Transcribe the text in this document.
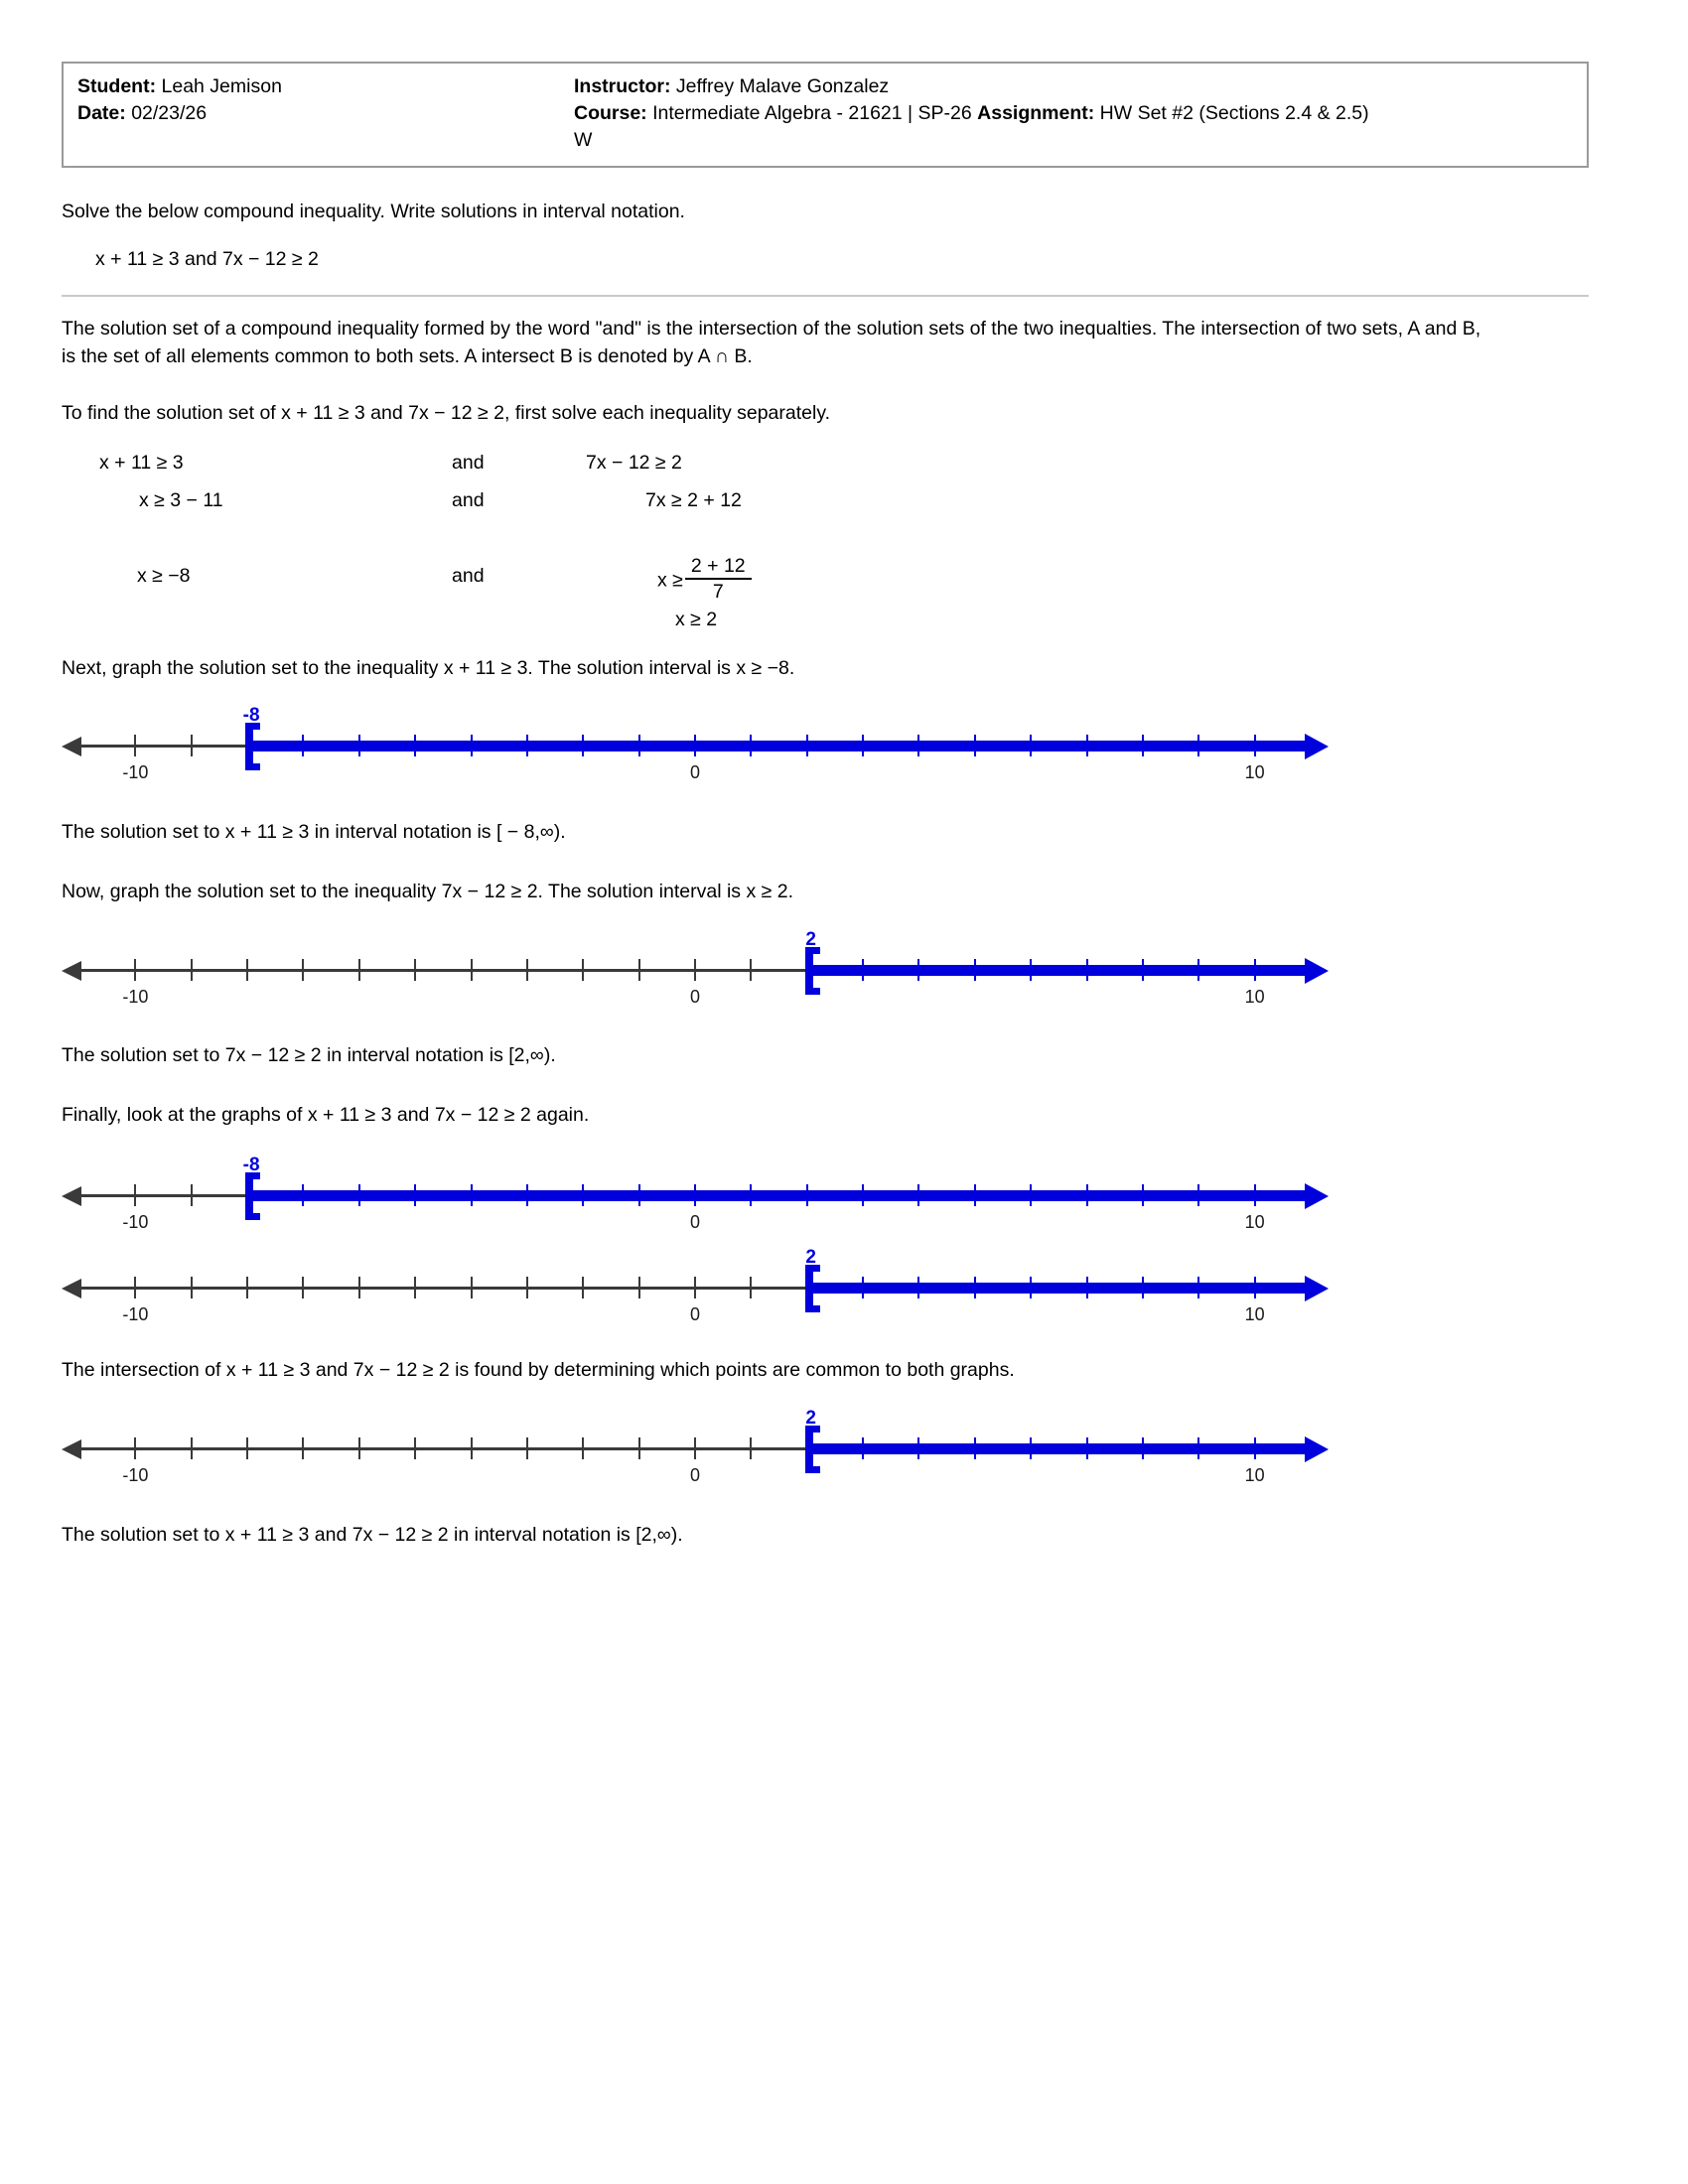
Student: Leah Jemison
Date: 02/23/26
Instructor: Jeffrey Malave Gonzalez
Course: Intermediate Algebra - 21621 | SP-26 Assignment: HW Set #2 (Sections 2.4 & 2.5)
W
Solve the below compound inequality. Write solutions in interval notation.
x + 11 ≥ 3 and 7x − 12 ≥ 2
The solution set of a compound inequality formed by the word "and" is the intersection of the solution sets of the two inequalties. The intersection of two sets, A and B, is the set of all elements common to both sets. A intersect B is denoted by A ∩ B.
To find the solution set of x + 11 ≥ 3 and 7x − 12 ≥ 2, first solve each inequality separately.
x + 11 ≥ 3	and	7x − 12 ≥ 2
x ≥ 3 − 11	and	7x ≥ 2 + 12
x ≥ −8	and	$x \ge \frac{2 + 12}{7}$
x ≥ 2
Next, graph the solution set to the inequality x + 11 ≥ 3. The solution interval is x ≥ −8.
-8
-10	0	10
The solution set to x + 11 ≥ 3 in interval notation is [ − 8,∞).
Now, graph the solution set to the inequality 7x − 12 ≥ 2. The solution interval is x ≥ 2.
2
-10	0	10
The solution set to 7x − 12 ≥ 2 in interval notation is [2,∞).
Finally, look at the graphs of x + 11 ≥ 3 and 7x − 12 ≥ 2 again.
-8
-10	0	10
2
-10	0	10
The intersection of x + 11 ≥ 3 and 7x − 12 ≥ 2 is found by determining which points are common to both graphs.
2
-10	0	10
The solution set to x + 11 ≥ 3 and 7x − 12 ≥ 2 in interval notation is [2,∞).
